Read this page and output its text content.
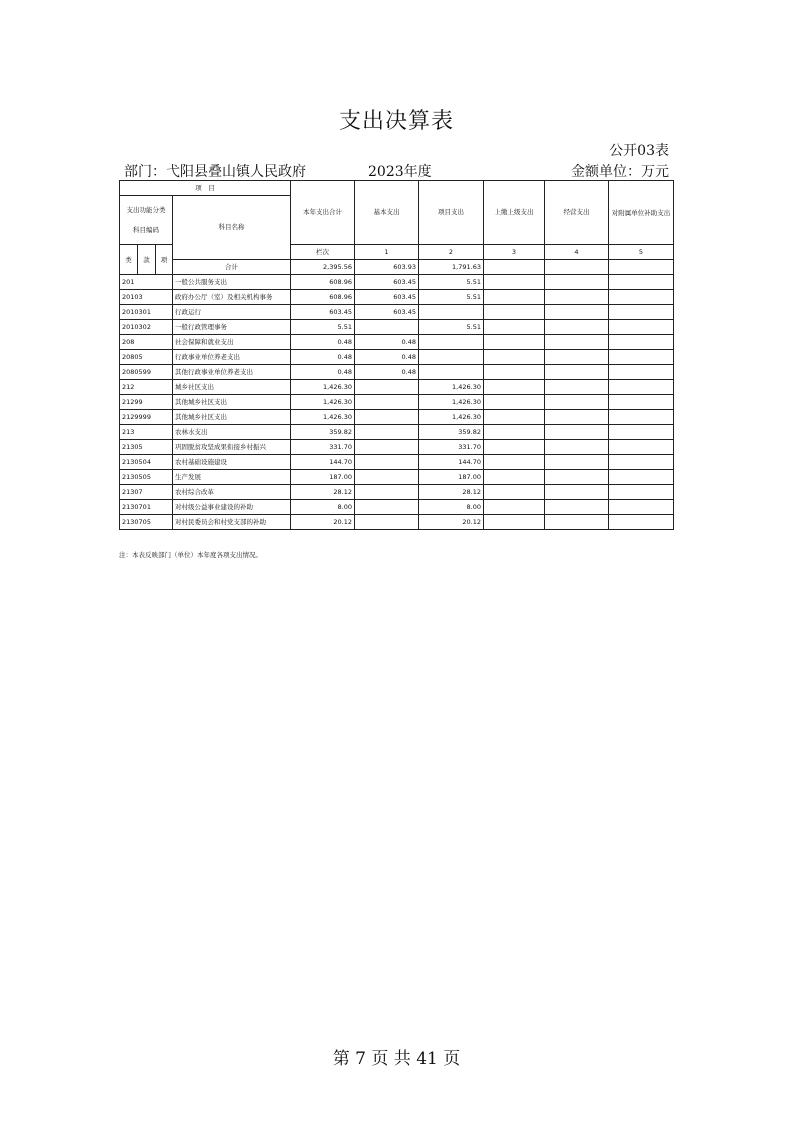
支出决算表
公开03表
部门：弋阳县叠山镇人民政府	2023年度	金额单位：万元
项　目				本年支出合计	基本支出	项目支出	上缴上级支出	经营支出	对附属单位补助支出	

支出功能分类
科目编码			科目名称							

类	款	项		栏次	1	2	3	4	5	
			合计	2,395.56	603.93	1,791.63				
201			一般公共服务支出	608.96	603.45	5.51				
20103			政府办公厅（室）及相关机构事务	608.96	603.45	5.51				
2010301			行政运行	603.45	603.45					
2010302			一般行政管理事务	5.51		5.51				
208			社会保障和就业支出	0.48	0.48					
20805			行政事业单位养老支出	0.48	0.48					
2080599			其他行政事业单位养老支出	0.48	0.48					
212			城乡社区支出	1,426.30		1,426.30				
21299			其他城乡社区支出	1,426.30		1,426.30				
2129999			其他城乡社区支出	1,426.30		1,426.30				
213			农林水支出	359.82		359.82				
21305			巩固脱贫攻坚成果衔接乡村振兴	331.70		331.70				
2130504			农村基础设施建设	144.70		144.70				
2130505			生产发展	187.00		187.00				
21307			农村综合改革	28.12		28.12				
2130701			对村级公益事业建设的补助	8.00		8.00				
2130705			对村民委员会和村党支部的补助	20.12		20.12				
注：本表反映部门（单位）本年度各项支出情况。
第 7 页 共 41 页
